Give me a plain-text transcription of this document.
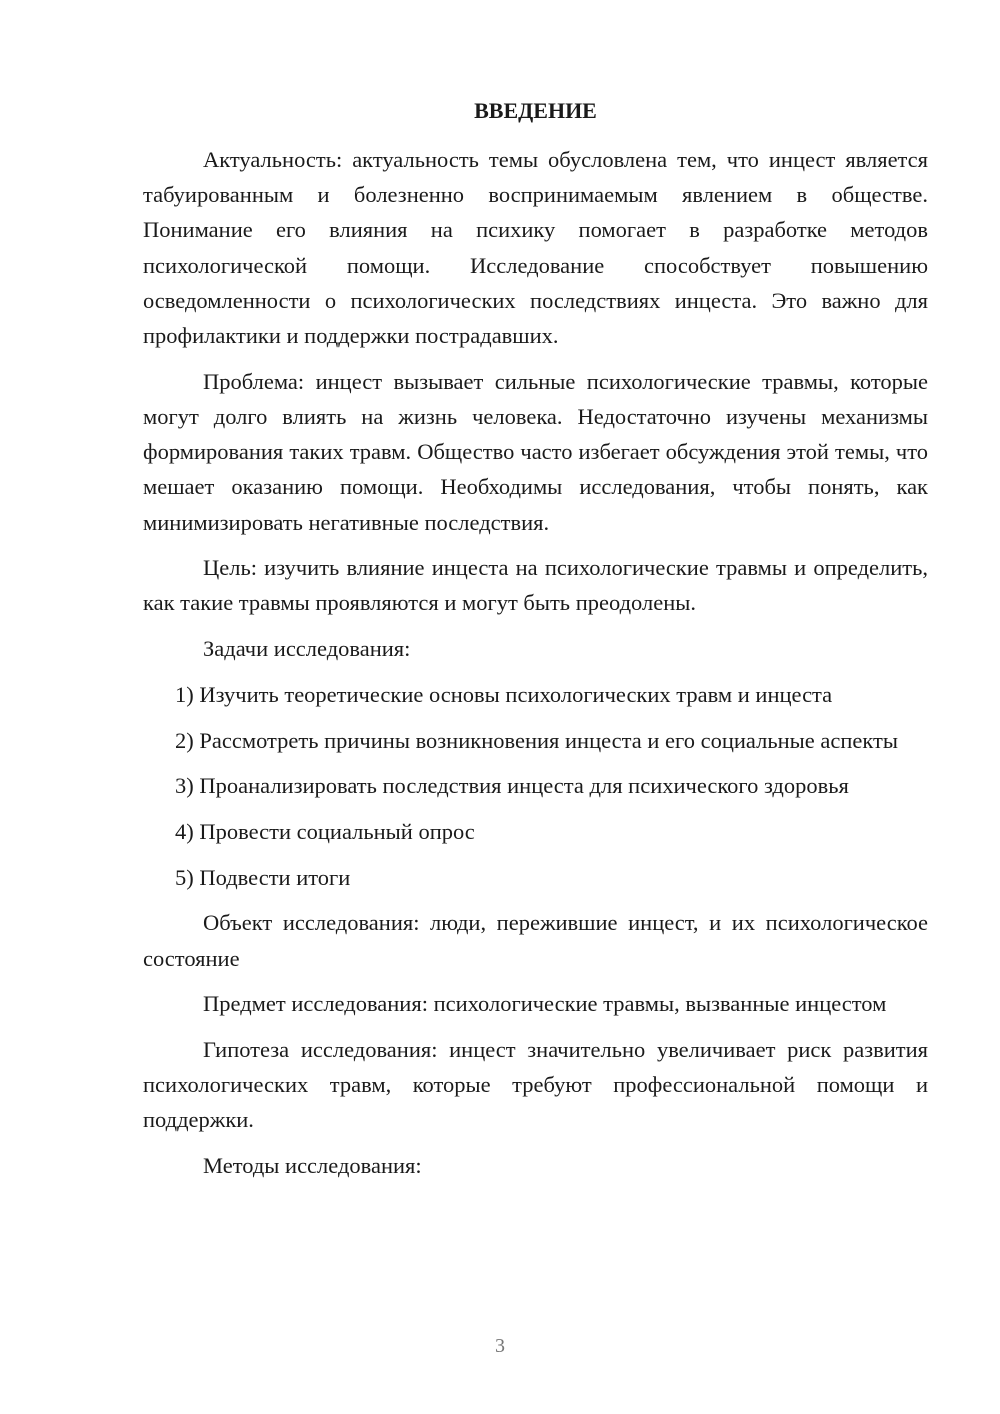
ВВЕДЕНИЕ

Актуальность: актуальность темы обусловлена тем, что инцест является табуированным и болезненно воспринимаемым явлением в обществе. Понимание его влияния на психику помогает в разработке методов психологической помощи. Исследование способствует повышению осведомленности о психологических последствиях инцеста. Это важно для профилактики и поддержки пострадавших.

Проблема: инцест вызывает сильные психологические травмы, которые могут долго влиять на жизнь человека. Недостаточно изучены механизмы формирования таких травм. Общество часто избегает обсуждения этой темы, что мешает оказанию помощи. Необходимы исследования, чтобы понять, как минимизировать негативные последствия.

Цель: изучить влияние инцеста на психологические травмы и определить, как такие травмы проявляются и могут быть преодолены.

Задачи исследования:

1) Изучить теоретические основы психологических травм и инцеста

2) Рассмотреть причины возникновения инцеста и его социальные аспекты

3) Проанализировать последствия инцеста для психического здоровья

4) Провести социальный опрос

5) Подвести итоги

Объект исследования: люди, пережившие инцест, и их психологическое состояние

Предмет исследования: психологические травмы, вызванные инцестом

Гипотеза исследования: инцест значительно увеличивает риск развития психологических травм, которые требуют профессиональной помощи и поддержки.

Методы исследования:

3
